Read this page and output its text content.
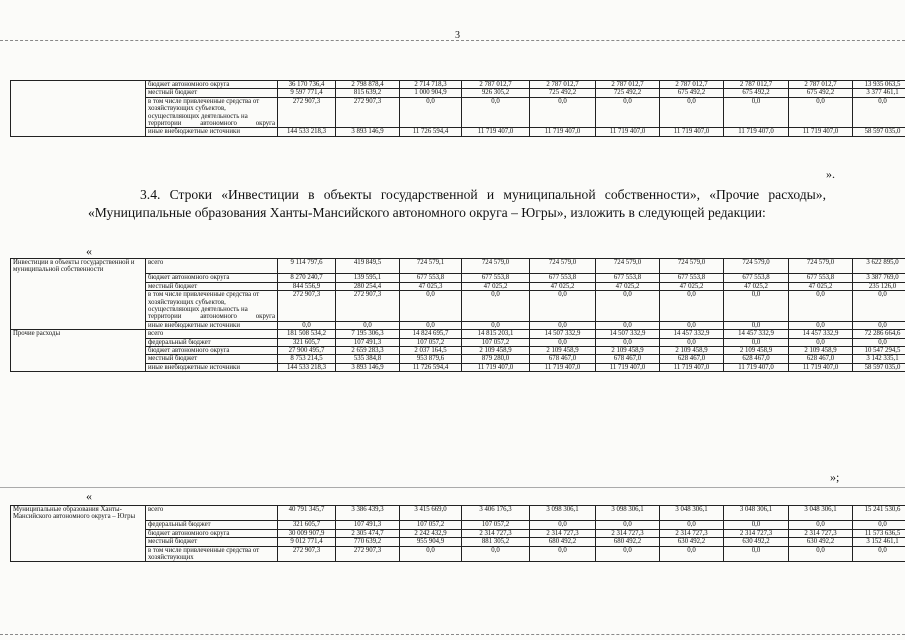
3
	бюджет автономного округа	36 170 736,4	2 798 878,4	2 714 718,3	2 787 012,7	2 787 012,7	2 787 012,7	2 787 012,7	2 787 012,7	2 787 012,7	13 935 063,5
	местный бюджет	9 597 771,4	815 639,2	1 000 904,9	926 305,2	725 492,2	725 492,2	675 492,2	675 492,2	675 492,2	3 377 461,1
	в том числе привлеченные средства от хозяйствующих субъектов, осуществляющих деятельность на территории автономного округа	272 907,3	272 907,3	0,0	0,0	0,0	0,0	0,0	0,0	0,0	0,0
	иные внебюджетные источники	144 533 218,3	3 893 146,9	11 726 594,4	11 719 407,0	11 719 407,0	11 719 407,0	11 719 407,0	11 719 407,0	11 719 407,0	58 597 035,0
».
3.4. Строки «Инвестиции в объекты государственной и муниципальной собственности», «Прочие расходы», «Муниципальные образования Ханты-Мансийского автономного округа – Югры», изложить в следующей редакции:
«
Инвестиции в объекты государственной и муниципальной собственности	всего	9 114 797,6	419 849,5	724 579,1	724 579,0	724 579,0	724 579,0	724 579,0	724 579,0	724 579,0	3 622 895,0
	бюджет автономного округа	8 270 240,7	139 595,1	677 553,8	677 553,8	677 553,8	677 553,8	677 553,8	677 553,8	677 553,8	3 387 769,0
	местный бюджет	844 556,9	280 254,4	47 025,3	47 025,2	47 025,2	47 025,2	47 025,2	47 025,2	47 025,2	235 126,0
	в том числе привлеченные средства от хозяйствующих субъектов, осуществляющих деятельность на территории автономного округа	272 907,3	272 907,3	0,0	0,0	0,0	0,0	0,0	0,0	0,0	0,0
	иные внебюджетные источники	0,0	0,0	0,0	0,0	0,0	0,0	0,0	0,0	0,0	0,0
Прочие расходы	всего	181 508 534,2	7 195 306,3	14 824 695,7	14 815 203,1	14 507 332,9	14 507 332,9	14 457 332,9	14 457 332,9	14 457 332,9	72 286 664,6
	федеральный бюджет	321 605,7	107 491,3	107 057,2	107 057,2	0,0	0,0	0,0	0,0	0,0	0,0
	бюджет автономного округа	27 900 495,7	2 659 283,3	2 037 164,5	2 109 458,9	2 109 458,9	2 109 458,9	2 109 458,9	2 109 458,9	2 109 458,9	10 547 294,5
	местный бюджет	8 753 214,5	535 384,8	953 879,6	879 280,0	678 467,0	678 467,0	628 467,0	628 467,0	628 467,0	3 142 335,1
	иные внебюджетные источники	144 533 218,3	3 893 146,9	11 726 594,4	11 719 407,0	11 719 407,0	11 719 407,0	11 719 407,0	11 719 407,0	11 719 407,0	58 597 035,0
»;
«
Муниципальные образования Ханты-Мансийского автономного округа – Югры	всего	40 791 345,7	3 386 439,3	3 415 669,0	3 406 176,3	3 098 306,1	3 098 306,1	3 048 306,1	3 048 306,1	3 048 306,1	15 241 530,6
	федеральный бюджет	321 605,7	107 491,3	107 057,2	107 057,2	0,0	0,0	0,0	0,0	0,0	0,0
	бюджет автономного округа	30 009 907,9	2 305 474,7	2 242 432,9	2 314 727,3	2 314 727,3	2 314 727,3	2 314 727,3	2 314 727,3	2 314 727,3	11 573 636,5
	местный бюджет	9 012 771,4	770 639,2	955 904,9	881 305,2	680 492,2	680 492,2	630 492,2	630 492,2	630 492,2	3 152 461,1
	в том числе привлеченные средства от хозяйствующих	272 907,3	272 907,3	0,0	0,0	0,0	0,0	0,0	0,0	0,0	0,0
